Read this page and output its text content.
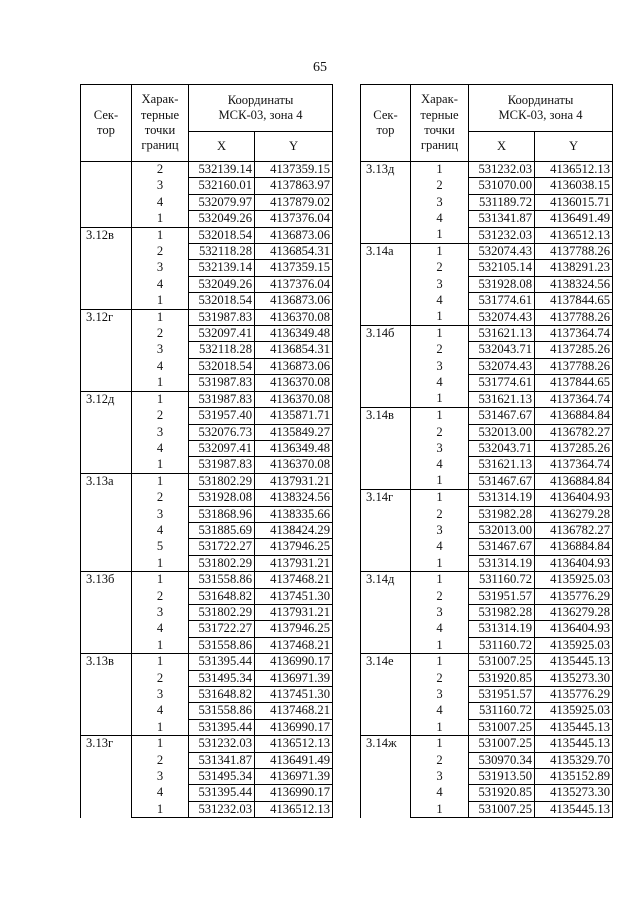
65
Сек-
тор	Харак-
терные
точки
границ	Координаты
МСК-03, зона 4	
		X	Y
	2	532139.14	4137359.15
	3	532160.01	4137863.97
	4	532079.97	4137879.02
	1	532049.26	4137376.04
3.12в	1	532018.54	4136873.06
	2	532118.28	4136854.31
	3	532139.14	4137359.15
	4	532049.26	4137376.04
	1	532018.54	4136873.06
3.12г	1	531987.83	4136370.08
	2	532097.41	4136349.48
	3	532118.28	4136854.31
	4	532018.54	4136873.06
	1	531987.83	4136370.08
3.12д	1	531987.83	4136370.08
	2	531957.40	4135871.71
	3	532076.73	4135849.27
	4	532097.41	4136349.48
	1	531987.83	4136370.08
3.13а	1	531802.29	4137931.21
	2	531928.08	4138324.56
	3	531868.96	4138335.66
	4	531885.69	4138424.29
	5	531722.27	4137946.25
	1	531802.29	4137931.21
3.13б	1	531558.86	4137468.21
	2	531648.82	4137451.30
	3	531802.29	4137931.21
	4	531722.27	4137946.25
	1	531558.86	4137468.21
3.13в	1	531395.44	4136990.17
	2	531495.34	4136971.39
	3	531648.82	4137451.30
	4	531558.86	4137468.21
	1	531395.44	4136990.17
3.13г	1	531232.03	4136512.13
	2	531341.87	4136491.49
	3	531495.34	4136971.39
	4	531395.44	4136990.17
	1	531232.03	4136512.13
Сек-
тор	Харак-
терные
точки
границ	Координаты
МСК-03, зона 4	
		X	Y
3.13д	1	531232.03	4136512.13
	2	531070.00	4136038.15
	3	531189.72	4136015.71
	4	531341.87	4136491.49
	1	531232.03	4136512.13
3.14а	1	532074.43	4137788.26
	2	532105.14	4138291.23
	3	531928.08	4138324.56
	4	531774.61	4137844.65
	1	532074.43	4137788.26
3.14б	1	531621.13	4137364.74
	2	532043.71	4137285.26
	3	532074.43	4137788.26
	4	531774.61	4137844.65
	1	531621.13	4137364.74
3.14в	1	531467.67	4136884.84
	2	532013.00	4136782.27
	3	532043.71	4137285.26
	4	531621.13	4137364.74
	1	531467.67	4136884.84
3.14г	1	531314.19	4136404.93
	2	531982.28	4136279.28
	3	532013.00	4136782.27
	4	531467.67	4136884.84
	1	531314.19	4136404.93
3.14д	1	531160.72	4135925.03
	2	531951.57	4135776.29
	3	531982.28	4136279.28
	4	531314.19	4136404.93
	1	531160.72	4135925.03
3.14е	1	531007.25	4135445.13
	2	531920.85	4135273.30
	3	531951.57	4135776.29
	4	531160.72	4135925.03
	1	531007.25	4135445.13
3.14ж	1	531007.25	4135445.13
	2	530970.34	4135329.70
	3	531913.50	4135152.89
	4	531920.85	4135273.30
	1	531007.25	4135445.13
